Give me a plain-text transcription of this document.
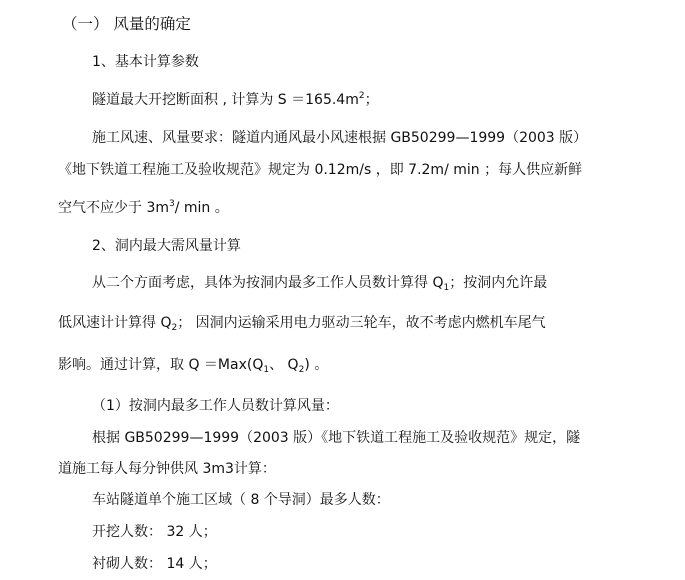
（一） 风量的确定
1、基本计算参数
隧道最大开挖断面积 , 计算为 $S =165.4m^2$；
施工风速、风量要求：隧道内通风最小风速根据 GB50299—1999（2003 版）
《地下铁道工程施工及验收规范》规定为 0.12m/s ，即 7.2m/ min ；每人供应新鲜
空气不应少于 $3m^3/$ min 。
2、洞内最大需风量计算
从二个方面考虑，具体为按洞内最多工作人员数计算得 $Q_1$；按洞内允许最
低风速计计算得 $Q_2$； 因洞内运输采用电力驱动三轮车，故不考虑内燃机车尾气
影响。通过计算，取 $Q =Max(Q_1$、 $Q_2$) 。
（1）按洞内最多工作人员数计算风量：
根据 GB50299—1999（2003 版）《地下铁道工程施工及验收规范》规定，隧
道施工每人每分钟供风 3m3计算：
车站隧道单个施工区域（ 8 个导洞）最多人数：
开挖人数： 32 人；
衬砌人数： 14 人；
